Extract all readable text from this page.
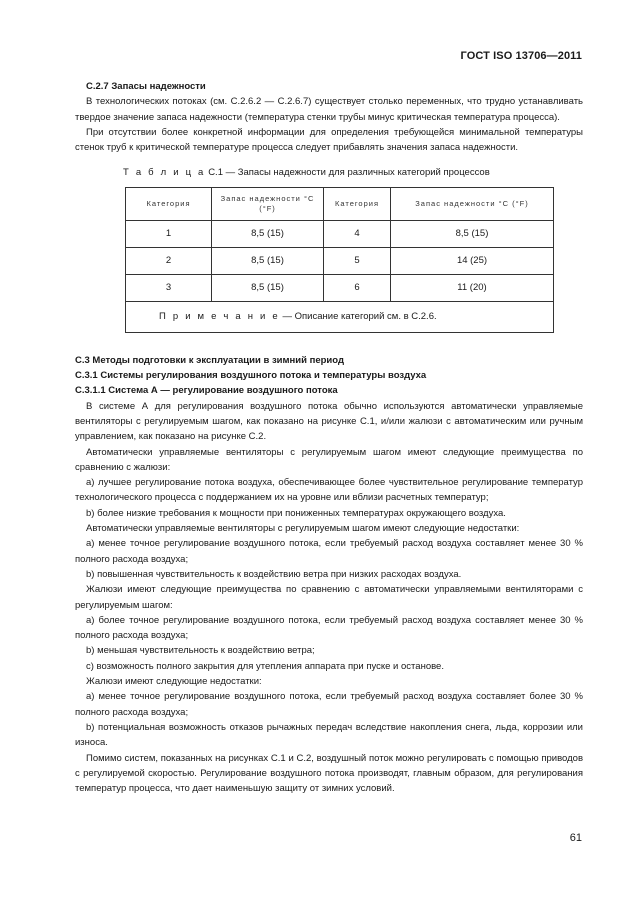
ГОСТ ISO 13706—2011

С.2.7 Запасы надежности

В технологических потоках (см. С.2.6.2 — С.2.6.7) существует столько переменных, что трудно устанавливать твердое значение запаса надежности (температура стенки трубы минус критическая температура процесса).

При отсутствии более конкретной информации для определения требующейся минимальной температуры стенок труб к критической температуре процесса следует прибавлять значения запаса надежности.

Т а б л и ц а С.1 — Запасы надежности для различных категорий процессов

Категория	Запас надежности °С (°F)	Категория	Запас надежности °С (°F)
1	8,5 (15)	4	8,5 (15)
2	8,5 (15)	5	14 (25)
3	8,5 (15)	6	11 (20)
П р и м е ч а н и е — Описание категорий см. в С.2.6.			

С.3 Методы подготовки к эксплуатации в зимний период

С.3.1 Системы регулирования воздушного потока и температуры воздуха

С.3.1.1 Система А — регулирование воздушного потока

В системе А для регулирования воздушного потока обычно используются автоматически управляемые вентиляторы с регулируемым шагом, как показано на рисунке С.1, и/или жалюзи с автоматическим или ручным управлением, как показано на рисунке С.2.

Автоматически управляемые вентиляторы с регулируемым шагом имеют следующие преимущества по сравнению с жалюзи:

а) лучшее регулирование потока воздуха, обеспечивающее более чувствительное регулирование температур технологического процесса с поддержанием их на уровне или вблизи расчетных температур;

b) более низкие требования к мощности при пониженных температурах окружающего воздуха.

Автоматически управляемые вентиляторы с регулируемым шагом имеют следующие недостатки:

а) менее точное регулирование воздушного потока, если требуемый расход воздуха составляет менее 30 % полного расхода воздуха;

b) повышенная чувствительность к воздействию ветра при низких расходах воздуха.

Жалюзи имеют следующие преимущества по сравнению с автоматически управляемыми вентиляторами с регулируемым шагом:

а) более точное регулирование воздушного потока, если требуемый расход воздуха составляет менее 30 % полного расхода воздуха;

b) меньшая чувствительность к воздействию ветра;

с) возможность полного закрытия для утепления аппарата при пуске и останове.

Жалюзи имеют следующие недостатки:

а) менее точное регулирование воздушного потока, если требуемый расход воздуха составляет более 30 % полного расхода воздуха;

b) потенциальная возможность отказов рычажных передач вследствие накопления снега, льда, коррозии или износа.

Помимо систем, показанных на рисунках С.1 и С.2, воздушный поток можно регулировать с помощью приводов с регулируемой скоростью. Регулирование воздушного потока производят, главным образом, для регулирования температур процесса, что дает наименьшую защиту от зимних условий.

61
